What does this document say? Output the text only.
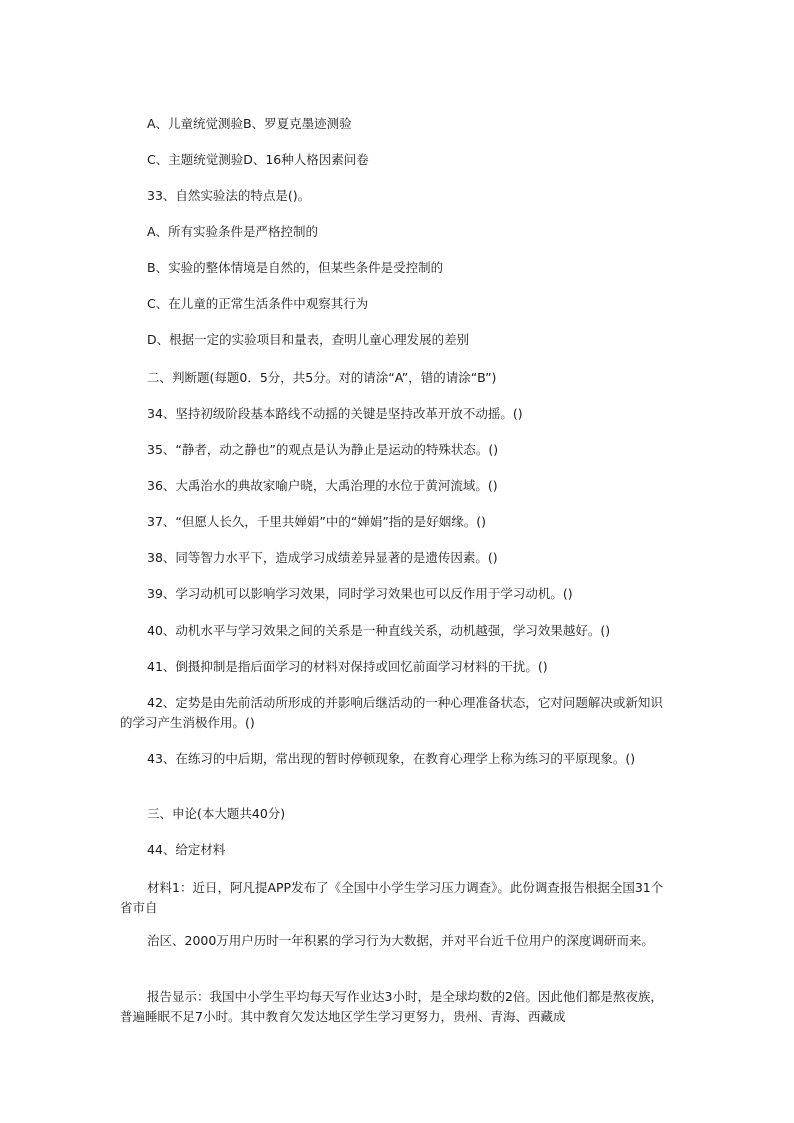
A、儿童统觉测验B、罗夏克墨迹测验

C、主题统觉测验D、16种人格因素问卷

33、自然实验法的特点是()。

A、所有实验条件是严格控制的

B、实验的整体情境是自然的，但某些条件是受控制的

C、在儿童的正常生活条件中观察其行为

D、根据一定的实验项目和量表，查明儿童心理发展的差别

二、判断题(每题0．5分，共5分。对的请涂“A”，错的请涂“B”)

34、坚持初级阶段基本路线不动摇的关键是坚持改革开放不动摇。()

35、“静者，动之静也”的观点是认为静止是运动的特殊状态。()

36、大禹治水的典故家喻户晓，大禹治理的水位于黄河流域。()

37、“但愿人长久，千里共婵娟”中的“婵娟”指的是好姻缘。()

38、同等智力水平下，造成学习成绩差异显著的是遗传因素。()

39、学习动机可以影响学习效果，同时学习效果也可以反作用于学习动机。()

40、动机水平与学习效果之间的关系是一种直线关系，动机越强，学习效果越好。()

41、倒摄抑制是指后面学习的材料对保持或回忆前面学习材料的干扰。()

42、定势是由先前活动所形成的并影响后继活动的一种心理准备状态，它对问题解决或新知识的学习产生消极作用。()

43、在练习的中后期，常出现的暂时停顿现象，在教育心理学上称为练习的平原现象。()

三、申论(本大题共40分)

44、给定材料

材料1：近日，阿凡提APP发布了《全国中小学生学习压力调查》。此份调查报告根据全国31个省市自

治区、2000万用户历时一年积累的学习行为大数据，并对平台近千位用户的深度调研而来。

报告显示：我国中小学生平均每天写作业达3小时，是全球均数的2倍。因此他们都是熬夜族，普遍睡眠不足7小时。其中教育欠发达地区学生学习更努力，贵州、青海、西藏成
